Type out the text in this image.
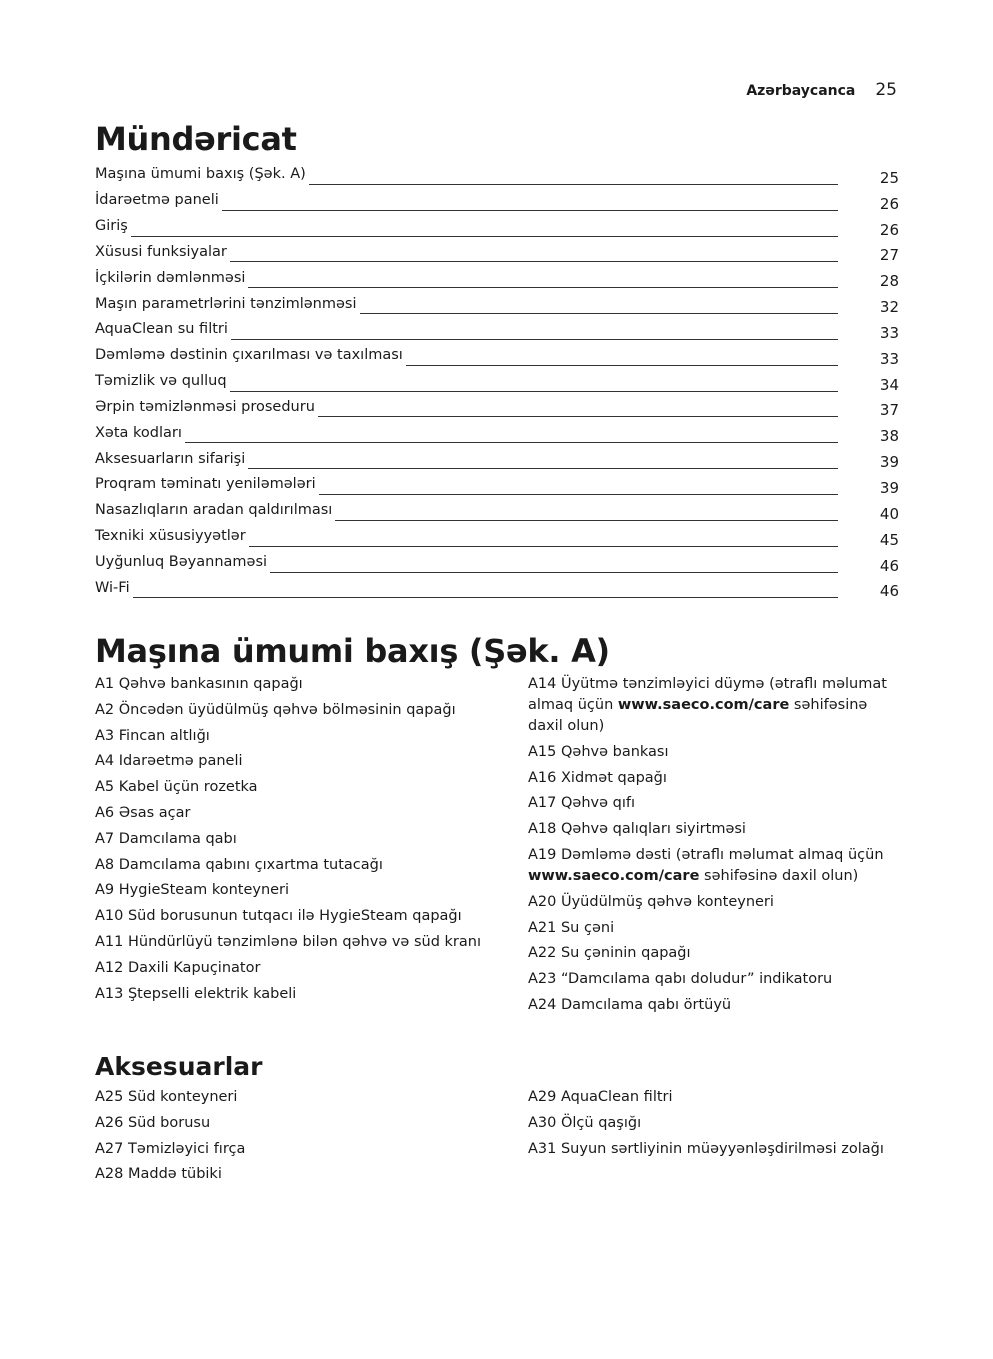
Azərbaycanca 25
Mündəricat
Maşına ümumi baxış (Şək. A)	25
İdarəetmə paneli	26
Giriş	26
Xüsusi funksiyalar	27
İçkilərin dəmlənməsi	28
Maşın parametrlərini tənzimlənməsi	32
AquaClean su filtri	33
Dəmləmə dəstinin çıxarılması və taxılması	33
Təmizlik və qulluq	34
Ərpin təmizlənməsi proseduru	37
Xəta kodları	38
Aksesuarların sifarişi	39
Proqram təminatı yeniləmələri	39
Nasazlıqların aradan qaldırılması	40
Texniki xüsusiyyətlər	45
Uyğunluq Bəyannaməsi	46
Wi-Fi	46
Maşına ümumi baxış (Şək. A)
A1 Qəhvə bankasının qapağı
A2 Öncədən üyüdülmüş qəhvə bölməsinin qapağı
A3 Fincan altlığı
A4 Idarəetmə paneli
A5 Kabel üçün rozetka
A6 Əsas açar
A7 Damcılama qabı
A8 Damcılama qabını çıxartma tutacağı
A9 HygieSteam konteyneri
A10 Süd borusunun tutqacı ilə HygieSteam qapağı
A11 Hündürlüyü tənzimlənə bilən qəhvə və süd kranı
A12 Daxili Kapuçinator
A13 Ştepselli elektrik kabeli
A14 Üyütmə tənzimləyici düymə (ətraflı məlumat almaq üçün www.saeco.com/care səhifəsinə daxil olun)
A15 Qəhvə bankası
A16 Xidmət qapağı
A17 Qəhvə qıfı
A18 Qəhvə qalıqları siyirtməsi
A19 Dəmləmə dəsti (ətraflı məlumat almaq üçün www.saeco.com/care səhifəsinə daxil olun)
A20 Üyüdülmüş qəhvə konteyneri
A21 Su çəni
A22 Su çəninin qapağı
A23 “Damcılama qabı doludur” indikatoru
A24 Damcılama qabı örtüyü
Aksesuarlar
A25 Süd konteyneri
A26 Süd borusu
A27 Təmizləyici fırça
A28 Maddə tübiki
A29 AquaClean filtri
A30 Ölçü qaşığı
A31 Suyun sərtliyinin müəyyənləşdirilməsi zolağı
